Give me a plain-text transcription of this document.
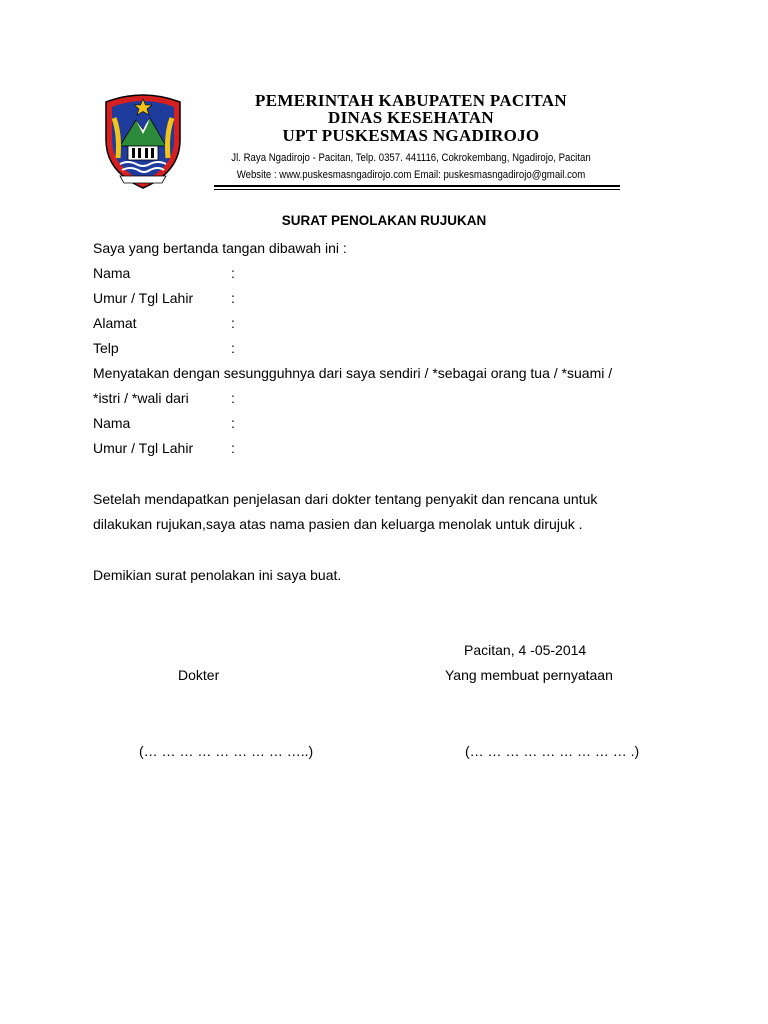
PEMERINTAH KABUPATEN PACITAN
DINAS KESEHATAN
UPT PUSKESMAS NGADIROJO
Jl. Raya Ngadirojo - Pacitan, Telp. 0357. 441116, Cokrokembang, Ngadirojo, Pacitan
Website : www.puskesmasngadirojo.com Email: puskesmasngadirojo@gmail.com
SURAT PENOLAKAN RUJUKAN
Saya yang bertanda tangan dibawah ini :
Nama	:
Umur / Tgl Lahir	:
Alamat	:
Telp	:
Menyatakan dengan sesungguhnya dari saya sendiri / *sebagai orang tua / *suami /
*istri / *wali dari	:
Nama	:
Umur / Tgl Lahir	:
Setelah mendapatkan penjelasan dari dokter tentang penyakit dan rencana untuk
dilakukan rujukan,saya atas nama pasien dan keluarga menolak untuk dirujuk .
Demikian surat penolakan ini saya buat.
Pacitan, 4 -05-2014
Dokter	Yang membuat pernyataan
(… … … … … … … … …..)	(… … … … … … … … … .)
